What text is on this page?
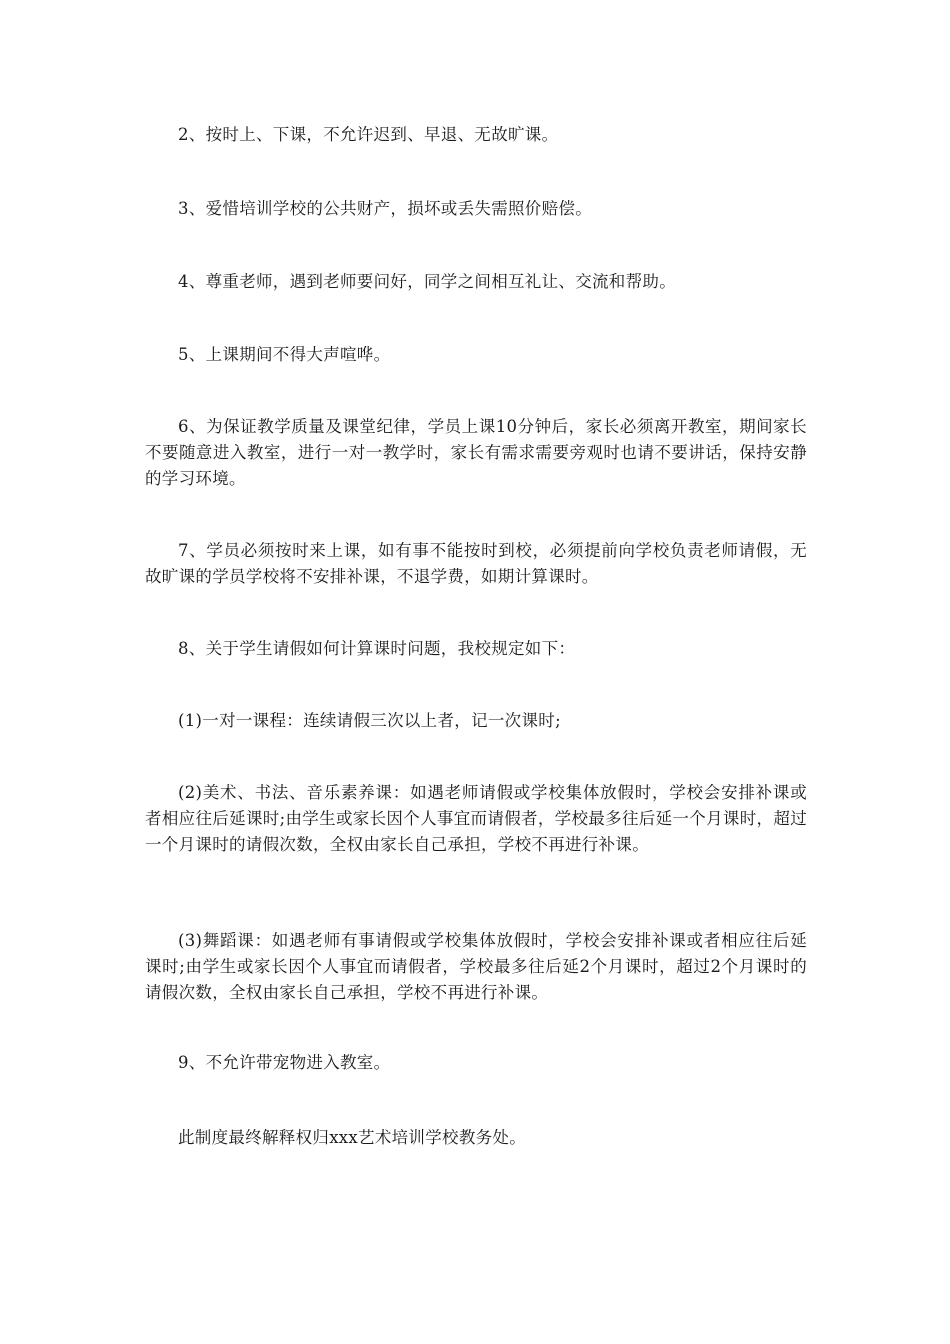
2、按时上、下课，不允许迟到、早退、无故旷课。

3、爱惜培训学校的公共财产，损坏或丢失需照价赔偿。

4、尊重老师，遇到老师要问好，同学之间相互礼让、交流和帮助。

5、上课期间不得大声喧哗。

6、为保证教学质量及课堂纪律，学员上课10分钟后，家长必须离开教室，期间家长不要随意进入教室，进行一对一教学时，家长有需求需要旁观时也请不要讲话，保持安静的学习环境。

7、学员必须按时来上课，如有事不能按时到校，必须提前向学校负责老师请假，无故旷课的学员学校将不安排补课，不退学费，如期计算课时。

8、关于学生请假如何计算课时问题，我校规定如下：

(1)一对一课程：连续请假三次以上者，记一次课时;

(2)美术、书法、音乐素养课：如遇老师请假或学校集体放假时，学校会安排补课或者相应往后延课时;由学生或家长因个人事宜而请假者，学校最多往后延一个月课时，超过一个月课时的请假次数，全权由家长自己承担，学校不再进行补课。

(3)舞蹈课：如遇老师有事请假或学校集体放假时，学校会安排补课或者相应往后延课时;由学生或家长因个人事宜而请假者，学校最多往后延2个月课时，超过2个月课时的请假次数，全权由家长自己承担，学校不再进行补课。

9、不允许带宠物进入教室。

此制度最终解释权归xxx艺术培训学校教务处。
